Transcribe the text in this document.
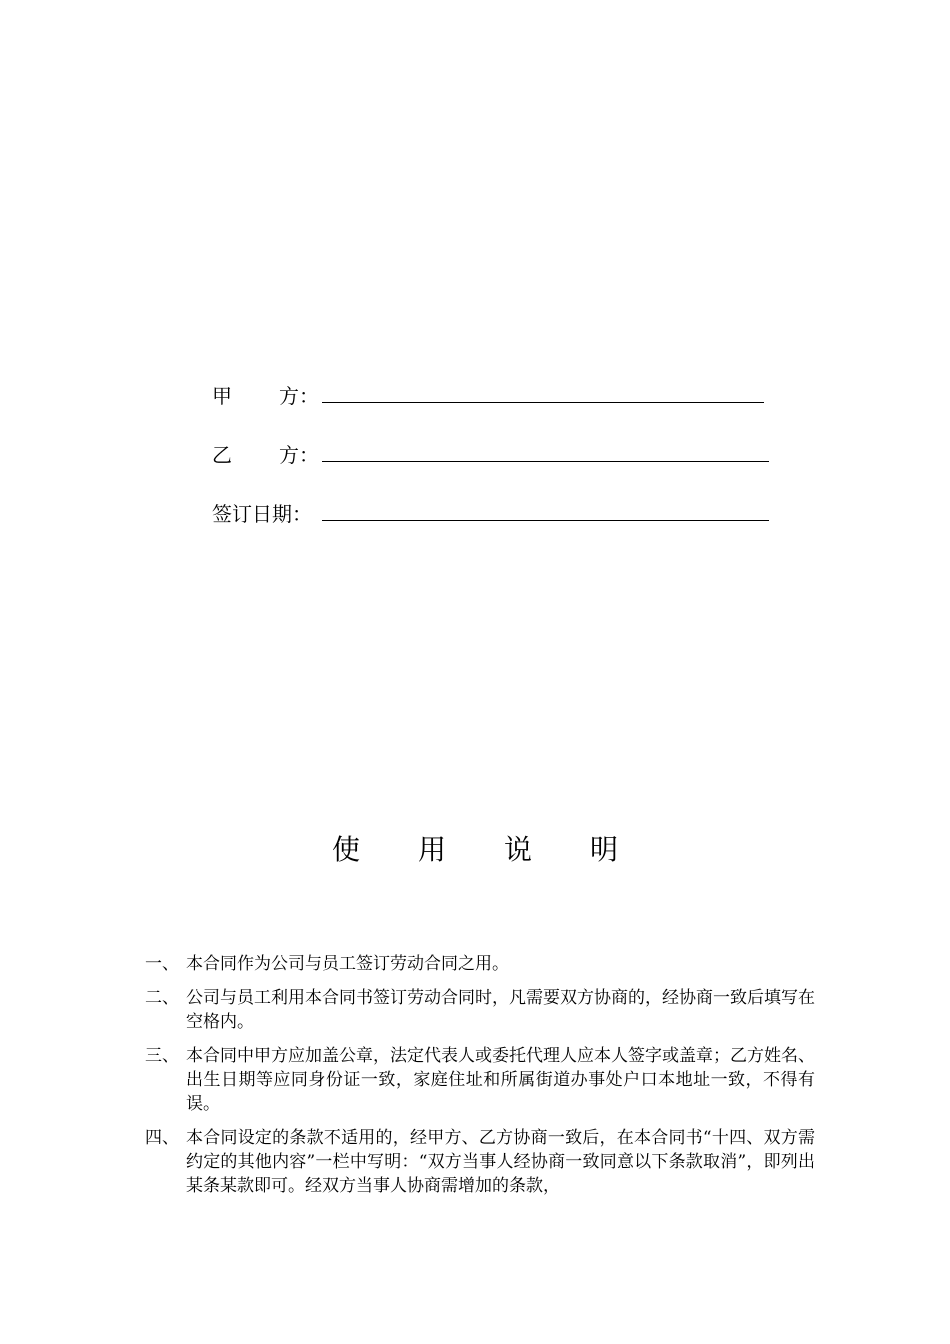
甲 方：
乙 方：
签订日期：
使 用 说 明
一、 本合同作为公司与员工签订劳动合同之用。
二、 公司与员工利用本合同书签订劳动合同时，凡需要双方协商的，经协商一致后填写在空格内。
三、 本合同中甲方应加盖公章，法定代表人或委托代理人应本人签字或盖章；乙方姓名、出生日期等应同身份证一致，家庭住址和所属街道办事处户口本地址一致，不得有误。
四、 本合同设定的条款不适用的，经甲方、乙方协商一致后，在本合同书“十四、双方需约定的其他内容”一栏中写明：“双方当事人经协商一致同意以下条款取消”，即列出某条某款即可。经双方当事人协商需增加的条款，
